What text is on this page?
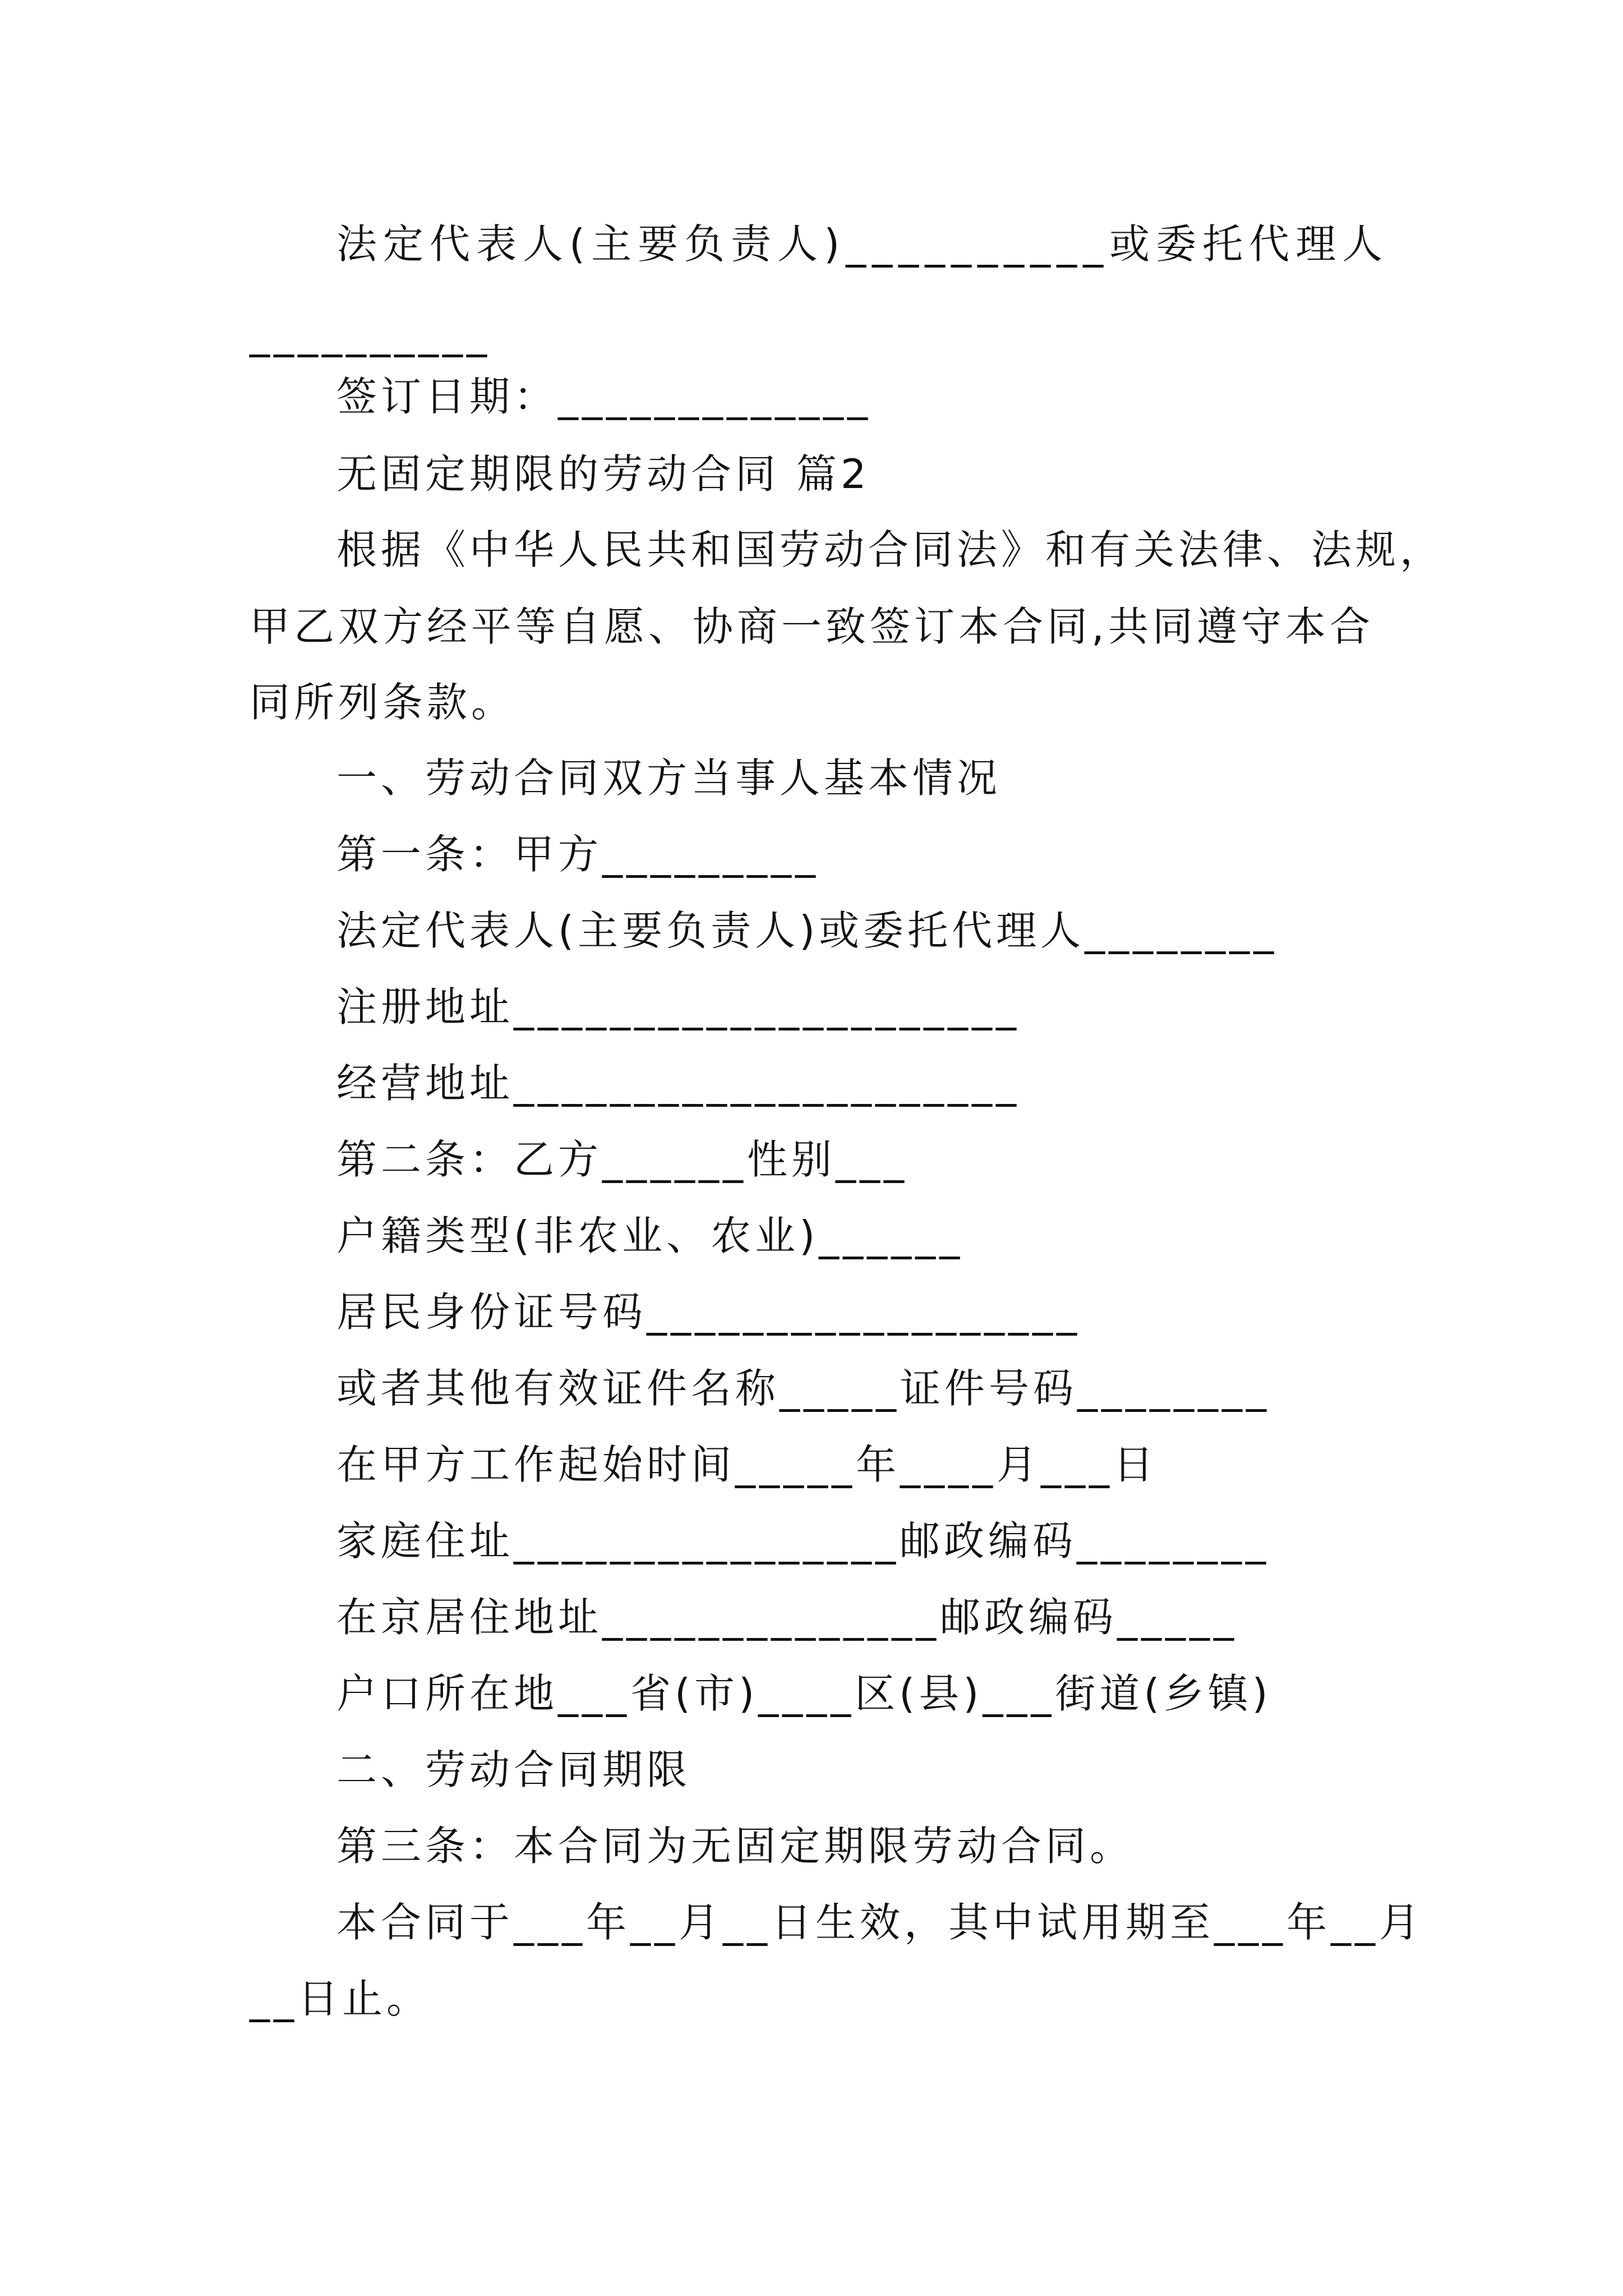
法定代表人(主要负责人)__________或委托代理人
__________
签订日期：_____________
无固定期限的劳动合同 篇2
根据《中华人民共和国劳动合同法》和有关法律、法规，
甲乙双方经平等自愿、协商一致签订本合同,共同遵守本合
同所列条款。
一、劳动合同双方当事人基本情况
第一条：甲方_________
法定代表人(主要负责人)或委托代理人________
注册地址_____________________
经营地址_____________________
第二条：乙方______性别___
户籍类型(非农业、农业)______
居民身份证号码__________________
或者其他有效证件名称_____证件号码________
在甲方工作起始时间_____年____月___日
家庭住址________________邮政编码________
在京居住地址______________邮政编码_____
户口所在地___省(市)____区(县)___街道(乡镇)
二、劳动合同期限
第三条：本合同为无固定期限劳动合同。
本合同于___年__月__日生效，其中试用期至___年__月
__日止。
